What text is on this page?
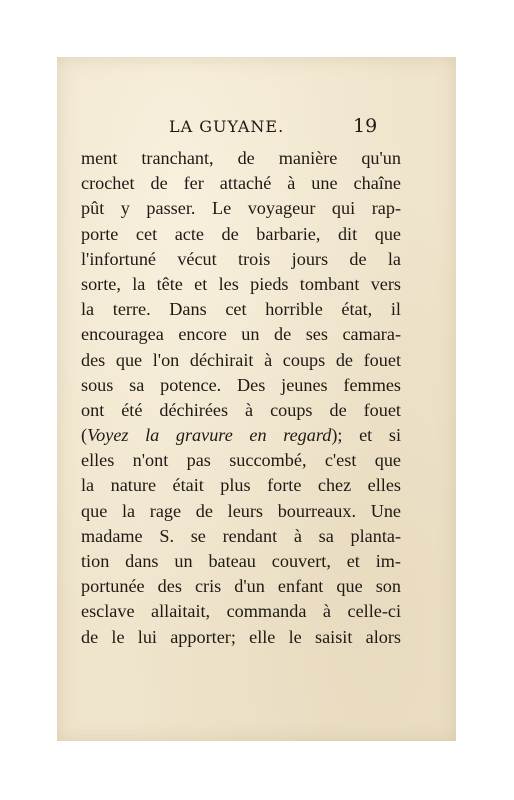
LA GUYANE.	19
ment tranchant, de manière qu'un
crochet de fer attaché à une chaîne
pût y passer. Le voyageur qui rap-
porte cet acte de barbarie, dit que
l'infortuné vécut trois jours de la
sorte, la tête et les pieds tombant vers
la terre. Dans cet horrible état, il
encouragea encore un de ses camara-
des que l'on déchirait à coups de fouet
sous sa potence. Des jeunes femmes
ont été déchirées à coups de fouet
(Voyez la gravure en regard); et si
elles n'ont pas succombé, c'est que
la nature était plus forte chez elles
que la rage de leurs bourreaux. Une
madame S. se rendant à sa planta-
tion dans un bateau couvert, et im-
portunée des cris d'un enfant que son
esclave allaitait, commanda à celle-ci
de le lui apporter; elle le saisit alors
